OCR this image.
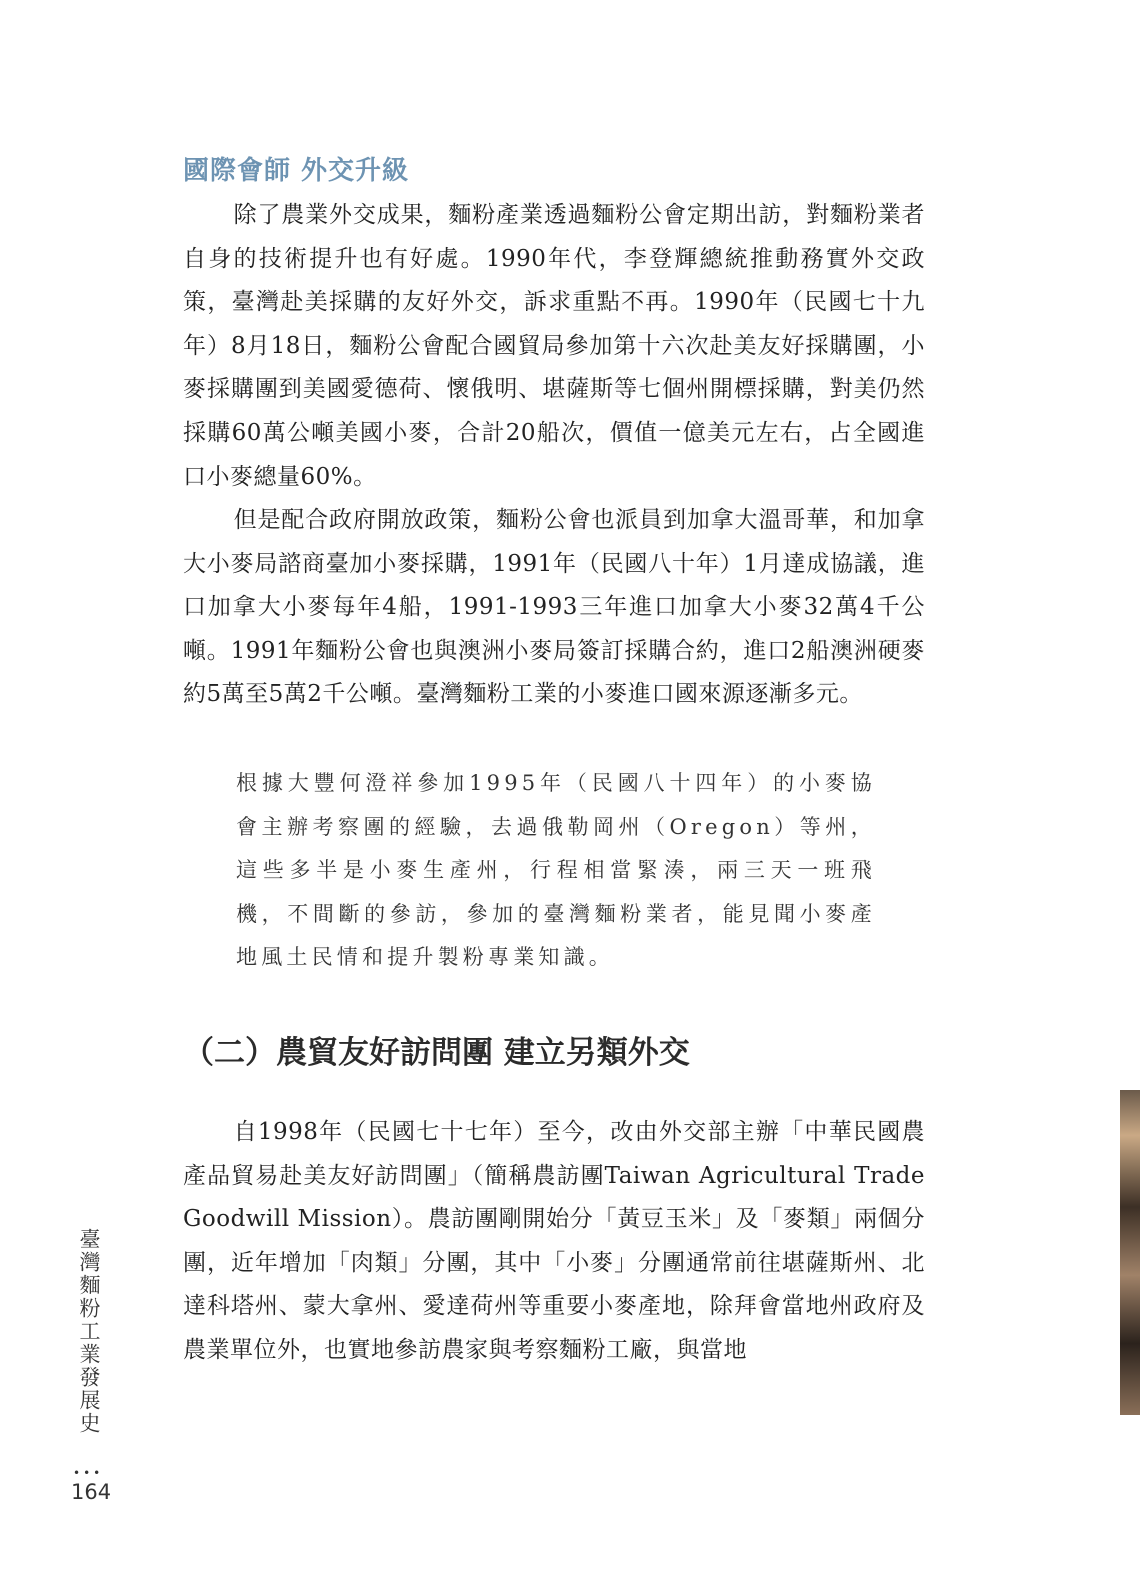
國際會師 外交升級

除了農業外交成果，麵粉產業透過麵粉公會定期出訪，對麵粉業者自身的技術提升也有好處。1990年代，李登輝總統推動務實外交政策，臺灣赴美採購的友好外交，訴求重點不再。1990年（民國七十九年）8月18日，麵粉公會配合國貿局參加第十六次赴美友好採購團，小麥採購團到美國愛德荷、懷俄明、堪薩斯等七個州開標採購，對美仍然採購60萬公噸美國小麥，合計20船次，價值一億美元左右，占全國進口小麥總量60%。

但是配合政府開放政策，麵粉公會也派員到加拿大溫哥華，和加拿大小麥局諮商臺加小麥採購，1991年（民國八十年）1月達成協議，進口加拿大小麥每年4船，1991-1993三年進口加拿大小麥32萬4千公噸。1991年麵粉公會也與澳洲小麥局簽訂採購合約，進口2船澳洲硬麥約5萬至5萬2千公噸。臺灣麵粉工業的小麥進口國來源逐漸多元。

根據大豐何澄祥參加1995年（民國八十四年）的小麥協會主辦考察團的經驗，去過俄勒岡州（Oregon）等州，這些多半是小麥生產州，行程相當緊湊，兩三天一班飛機，不間斷的參訪，參加的臺灣麵粉業者，能見聞小麥產地風土民情和提升製粉專業知識。

（二）農貿友好訪問團 建立另類外交

自1998年（民國七十七年）至今，改由外交部主辦「中華民國農產品貿易赴美友好訪問團」（簡稱農訪團Taiwan Agricultural Trade Goodwill Mission）。農訪團剛開始分「黃豆玉米」及「麥類」兩個分團，近年增加「肉類」分團，其中「小麥」分團通常前往堪薩斯州、北達科塔州、蒙大拿州、愛達荷州等重要小麥產地，除拜會當地州政府及農業單位外，也實地參訪農家與考察麵粉工廠，與當地

臺灣麵粉工業發展史
•••
164
